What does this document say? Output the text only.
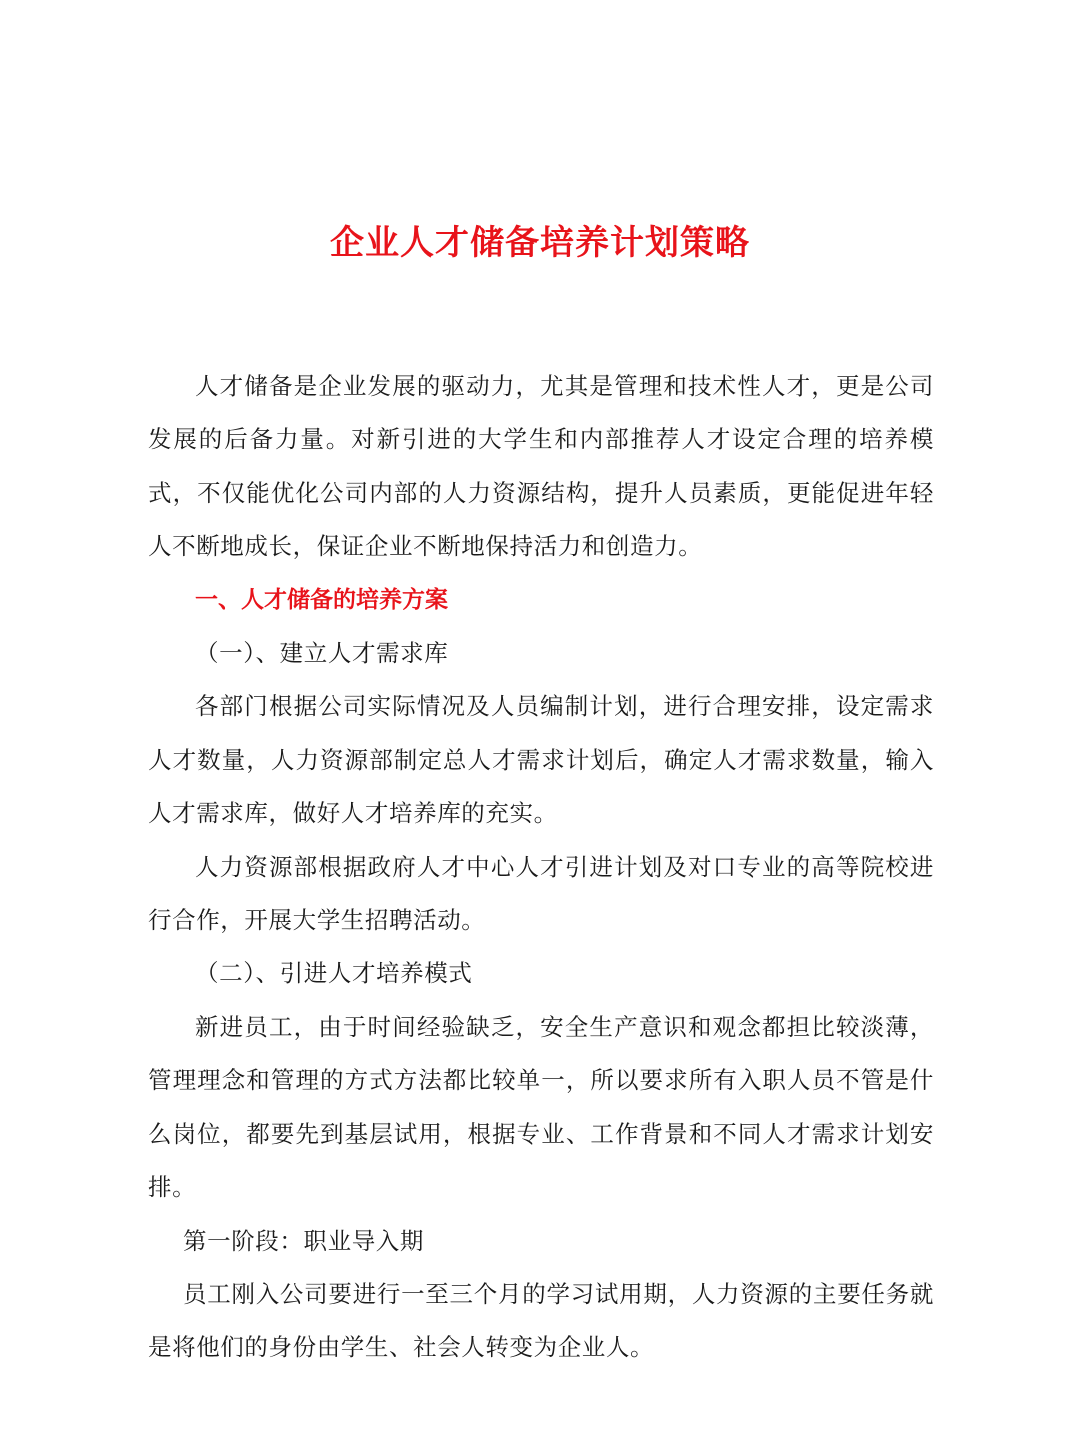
企业人才储备培养计划策略

人才储备是企业发展的驱动力，尤其是管理和技术性人才，更是公司发展的后备力量。对新引进的大学生和内部推荐人才设定合理的培养模式，不仅能优化公司内部的人力资源结构，提升人员素质，更能促进年轻人不断地成长，保证企业不断地保持活力和创造力。

一、人才储备的培养方案

（一）、建立人才需求库

各部门根据公司实际情况及人员编制计划，进行合理安排，设定需求人才数量，人力资源部制定总人才需求计划后，确定人才需求数量，输入人才需求库，做好人才培养库的充实。

人力资源部根据政府人才中心人才引进计划及对口专业的高等院校进行合作，开展大学生招聘活动。

（二）、引进人才培养模式

新进员工，由于时间经验缺乏，安全生产意识和观念都担比较淡薄，管理理念和管理的方式方法都比较单一，所以要求所有入职人员不管是什么岗位，都要先到基层试用，根据专业、工作背景和不同人才需求计划安排。

第一阶段：职业导入期

员工刚入公司要进行一至三个月的学习试用期，人力资源的主要任务就是将他们的身份由学生、社会人转变为企业人。
